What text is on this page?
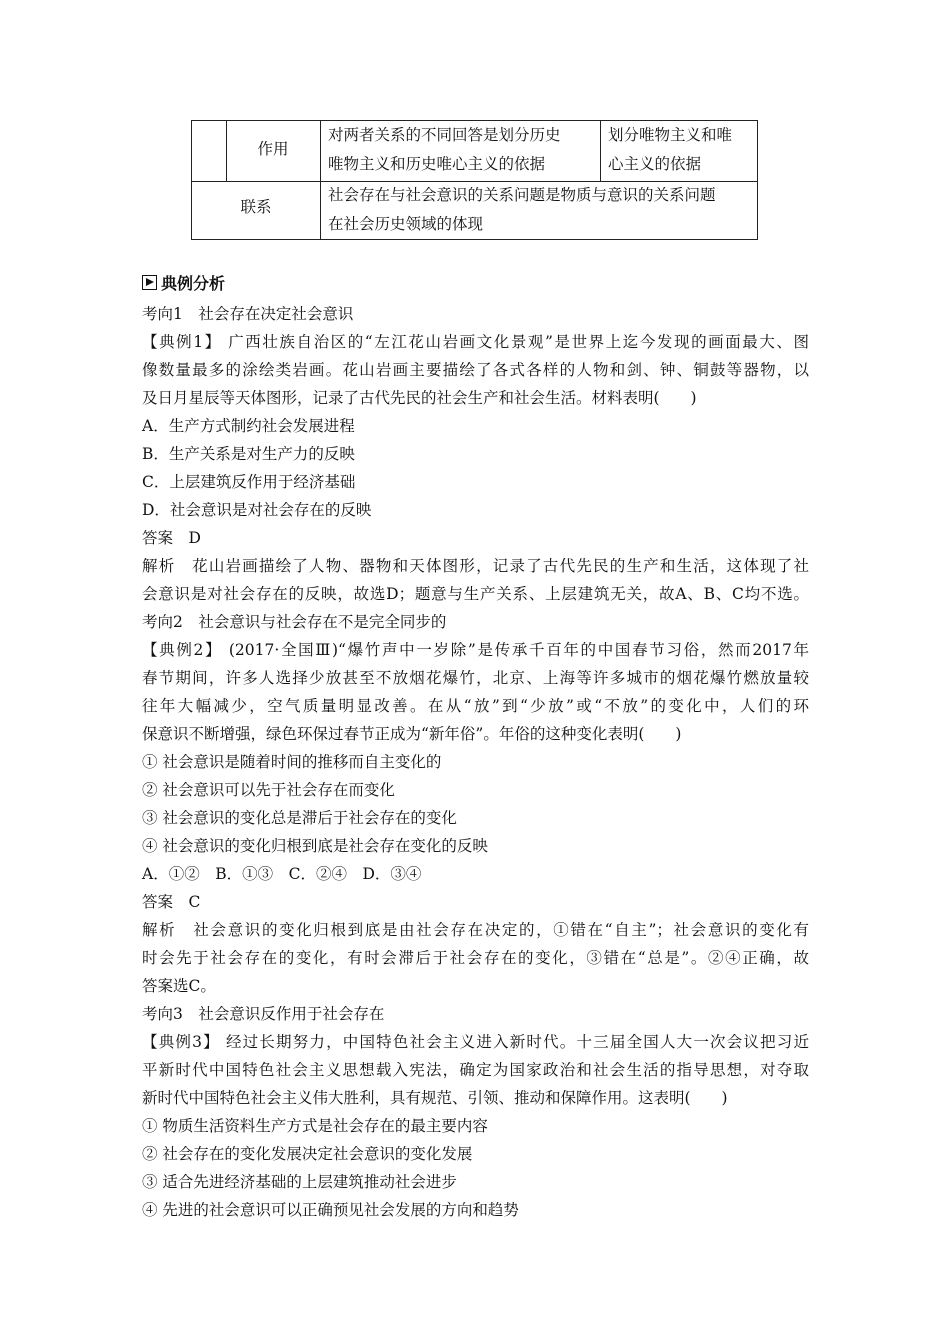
作用
对两者关系的不同回答是划分历史
唯物主义和历史唯心主义的依据
划分唯物主义和唯
心主义的依据
联系
社会存在与社会意识的关系问题是物质与意识的关系问题
在社会历史领域的体现
典例分析
考向1　社会存在决定社会意识
【典例1】 广西壮族自治区的“左江花山岩画文化景观”是世界上迄今发现的画面最大、图
像数量最多的涂绘类岩画。花山岩画主要描绘了各式各样的人物和剑、钟、铜鼓等器物，以
及日月星辰等天体图形，记录了古代先民的社会生产和社会生活。材料表明(　　)
A．生产方式制约社会发展进程
B．生产关系是对生产力的反映
C．上层建筑反作用于经济基础
D．社会意识是对社会存在的反映
答案　D
解析　花山岩画描绘了人物、器物和天体图形，记录了古代先民的生产和生活，这体现了社
会意识是对社会存在的反映，故选D；题意与生产关系、上层建筑无关，故A、B、C均不选。
考向2　社会意识与社会存在不是完全同步的
【典例2】 (2017·全国Ⅲ)“爆竹声中一岁除”是传承千百年的中国春节习俗，然而2017年
春节期间，许多人选择少放甚至不放烟花爆竹，北京、上海等许多城市的烟花爆竹燃放量较
往年大幅减少，空气质量明显改善。在从“放”到“少放”或“不放”的变化中，人们的环
保意识不断增强，绿色环保过春节正成为“新年俗”。年俗的这种变化表明(　　)
① 社会意识是随着时间的推移而自主变化的
② 社会意识可以先于社会存在而变化
③ 社会意识的变化总是滞后于社会存在的变化
④ 社会意识的变化归根到底是社会存在变化的反映
A．①②　B．①③　C．②④　D．③④
答案　C
解析　社会意识的变化归根到底是由社会存在决定的，①错在“自主”；社会意识的变化有
时会先于社会存在的变化，有时会滞后于社会存在的变化，③错在“总是”。②④正确，故
答案选C。
考向3　社会意识反作用于社会存在
【典例3】 经过长期努力，中国特色社会主义进入新时代。十三届全国人大一次会议把习近
平新时代中国特色社会主义思想载入宪法，确定为国家政治和社会生活的指导思想，对夺取
新时代中国特色社会主义伟大胜利，具有规范、引领、推动和保障作用。这表明(　　)
① 物质生活资料生产方式是社会存在的最主要内容
② 社会存在的变化发展决定社会意识的变化发展
③ 适合先进经济基础的上层建筑推动社会进步
④ 先进的社会意识可以正确预见社会发展的方向和趋势
